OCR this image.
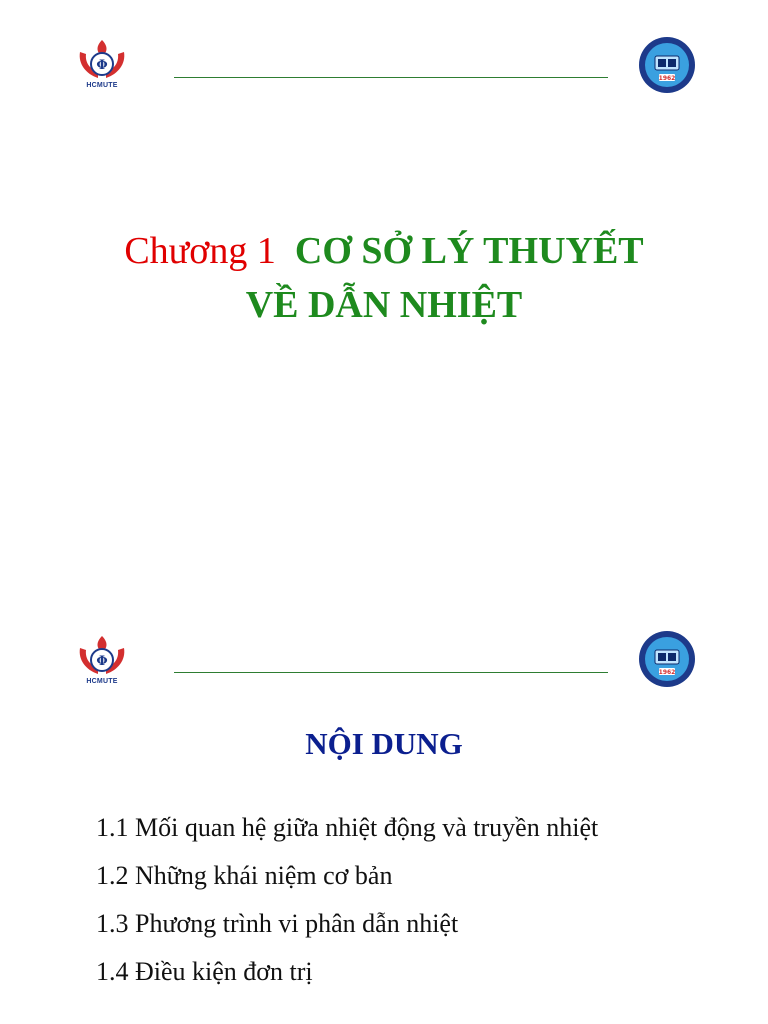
Φ
HCMUTE
1962
Chương 1 CƠ SỞ LÝ THUYẾT
VỀ DẪN NHIỆT
Φ
HCMUTE
1962
NỘI DUNG
1.1 Mối quan hệ giữa nhiệt động và truyền nhiệt
1.2 Những khái niệm cơ bản
1.3 Phương trình vi phân dẫn nhiệt
1.4 Điều kiện đơn trị
